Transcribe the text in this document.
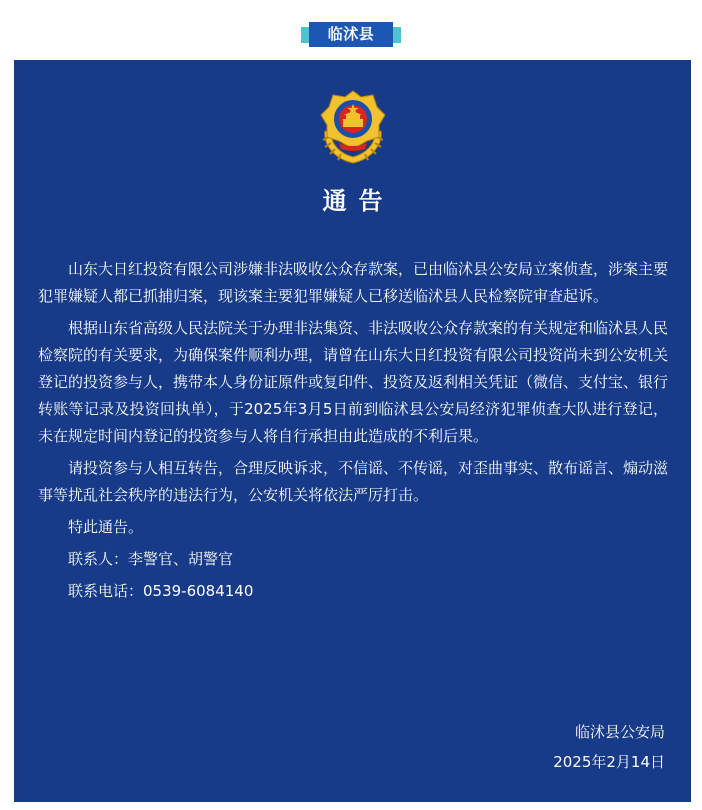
临沭县
通告

山东大日红投资有限公司涉嫌非法吸收公众存款案，已由临沭县公安局立案侦查，涉案主要犯罪嫌疑人都已抓捕归案，现该案主要犯罪嫌疑人已移送临沭县人民检察院审查起诉。

根据山东省高级人民法院关于办理非法集资、非法吸收公众存款案的有关规定和临沭县人民检察院的有关要求，为确保案件顺利办理，请曾在山东大日红投资有限公司投资尚未到公安机关登记的投资参与人，携带本人身份证原件或复印件、投资及返利相关凭证（微信、支付宝、银行转账等记录及投资回执单），于2025年3月5日前到临沭县公安局经济犯罪侦查大队进行登记，未在规定时间内登记的投资参与人将自行承担由此造成的不利后果。

请投资参与人相互转告，合理反映诉求，不信谣、不传谣，对歪曲事实、散布谣言、煽动滋事等扰乱社会秩序的违法行为，公安机关将依法严厉打击。

特此通告。
联系人：李警官、胡警官
联系电话：0539-6084140
临沭县公安局
2025年2月14日
